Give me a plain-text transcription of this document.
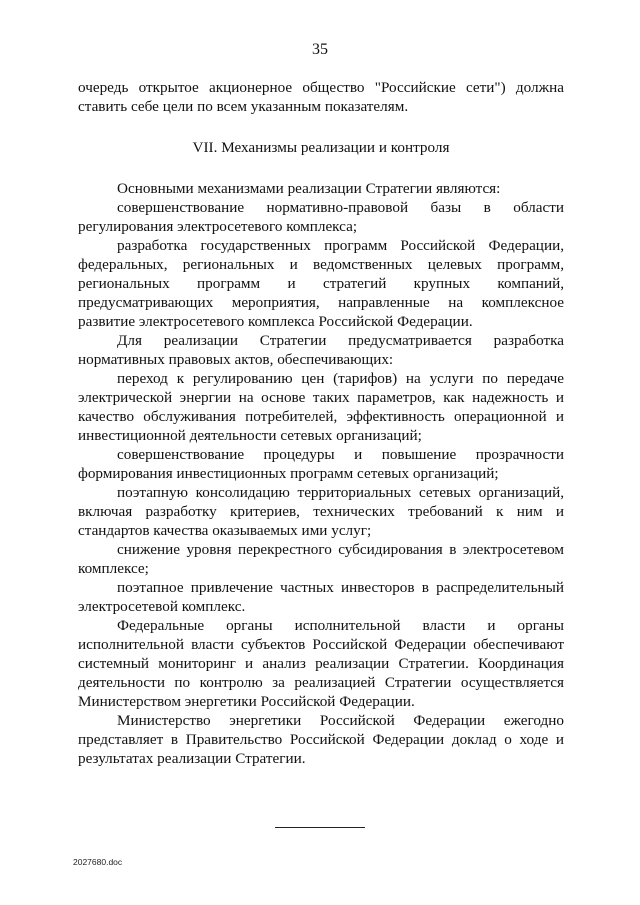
35

очередь открытое акционерное общество "Российские сети") должна ставить себе цели по всем указанным показателям.

VII. Механизмы реализации и контроля

Основными механизмами реализации Стратегии являются:

совершенствование нормативно-правовой базы в области регулирования электросетевого комплекса;

разработка государственных программ Российской Федерации, федеральных, региональных и ведомственных целевых программ, региональных программ и стратегий крупных компаний, предусматривающих мероприятия, направленные на комплексное развитие электросетевого комплекса Российской Федерации.

Для реализации Стратегии предусматривается разработка нормативных правовых актов, обеспечивающих:

переход к регулированию цен (тарифов) на услуги по передаче электрической энергии на основе таких параметров, как надежность и качество обслуживания потребителей, эффективность операционной и инвестиционной деятельности сетевых организаций;

совершенствование процедуры и повышение прозрачности формирования инвестиционных программ сетевых организаций;

поэтапную консолидацию территориальных сетевых организаций, включая разработку критериев, технических требований к ним и стандартов качества оказываемых ими услуг;

снижение уровня перекрестного субсидирования в электросетевом комплексе;

поэтапное привлечение частных инвесторов в распределительный электросетевой комплекс.

Федеральные органы исполнительной власти и органы исполнительной власти субъектов Российской Федерации обеспечивают системный мониторинг и анализ реализации Стратегии. Координация деятельности по контролю за реализацией Стратегии осуществляется Министерством энергетики Российской Федерации.

Министерство энергетики Российской Федерации ежегодно представляет в Правительство Российской Федерации доклад о ходе и результатах реализации Стратегии.

2027680.doc
